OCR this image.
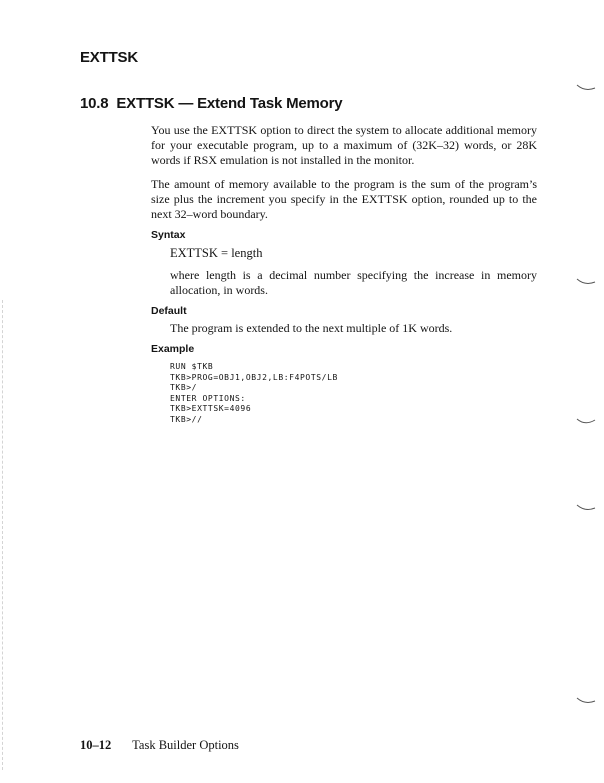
EXTTSK
10.8 EXTTSK — Extend Task Memory

You use the EXTTSK option to direct the system to allocate additional memory for your executable program, up to a maximum of (32K–32) words, or 28K words if RSX emulation is not installed in the monitor.

The amount of memory available to the program is the sum of the program’s size plus the increment you specify in the EXTTSK option, rounded up to the next 32–word boundary.

Syntax

EXTTSK = length

where length is a decimal number specifying the increase in memory allocation, in words.

Default

The program is extended to the next multiple of 1K words.

Example
RUN $TKB
TKB>PROG=OBJ1,OBJ2,LB:F4POTS/LB
TKB>/
ENTER OPTIONS:
TKB>EXTTSK=4096
TKB>//
10–12 Task Builder Options
